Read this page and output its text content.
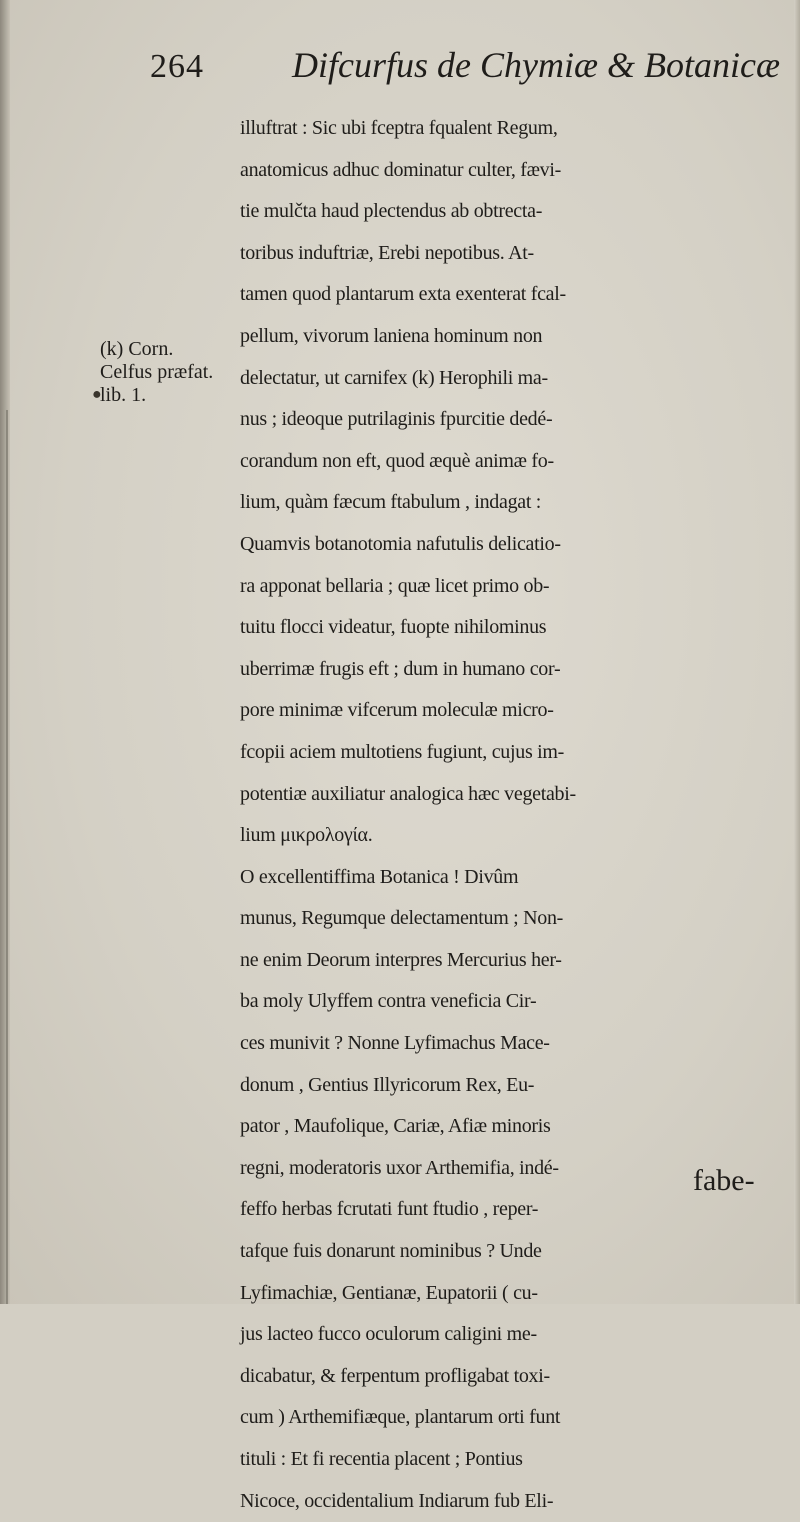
264 Difcurfus de Chymiæ & Botanicæ
(k) Corn.
Celfus præfat.
lib. 1.
●
illuftrat : Sic ubi fceptra fqualent Regum,
anatomicus adhuc dominatur culter, fævi-
tie mulčta haud plectendus ab obtrecta-
toribus induftriæ, Erebi nepotibus. At-
tamen quod plantarum exta exenterat fcal-
pellum, vivorum laniena hominum non
delectatur, ut carnifex (k) Herophili ma-
nus ; ideoque putrilaginis fpurcitie dedé-
corandum non eft, quod æquè animæ fo-
lium, quàm fæcum ftabulum , indagat :
Quamvis botanotomia nafutulis delicatio-
ra apponat bellaria ; quæ licet primo ob-
tuitu flocci videatur, fuopte nihilominus
uberrimæ frugis eft ; dum in humano cor-
pore minimæ vifcerum moleculæ micro-
fcopii aciem multotiens fugiunt, cujus im-
potentiæ auxiliatur analogica hæc vegetabi-
lium μικρολογία.
O excellentiffima Botanica ! Divûm
munus, Regumque delectamentum ; Non-
ne enim Deorum interpres Mercurius her-
ba moly Ulyffem contra veneficia Cir-
ces munivit ? Nonne Lyfimachus Mace-
donum , Gentius Illyricorum Rex, Eu-
pator , Maufolique, Cariæ, Afiæ minoris
regni, moderatoris uxor Arthemifia, indé-
feffo herbas fcrutati funt ftudio , reper-
tafque fuis donarunt nominibus ? Unde
Lyfimachiæ, Gentianæ, Eupatorii ( cu-
jus lacteo fucco oculorum caligini me-
dicabatur, & ferpentum profligabat toxi-
cum ) Arthemifiæque, plantarum orti funt
tituli : Et fi recentia placent ; Pontius
Nicoce, occidentalium Indiarum fub Eli-
fabe-
